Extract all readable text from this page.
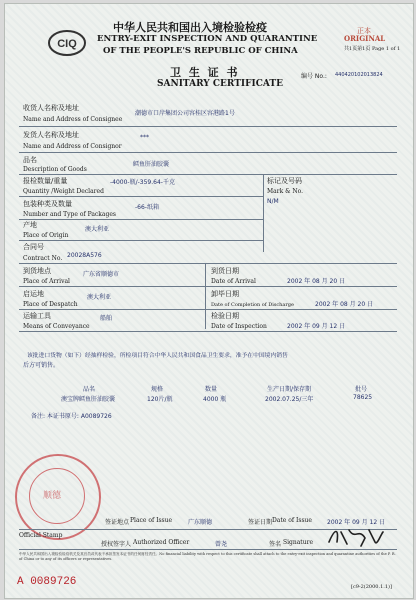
CIQ
中华人民共和国出入境检验检疫
ENTRY-EXIT INSPECTION AND QUARANTINE
OF THE PEOPLE'S REPUBLIC OF CHINA
正本
ORIGINAL
共1页第1页 Page 1 of 1
卫 生 证 书
SANITARY CERTIFICATE
编号 No.: 440420102013824
收货人名称及地址
Name and Address of Consignee
潮德市口岸集团公司容桂区容港路1号
发货人名称及地址
Name and Address of Consignor
***
品名
Description of Goods
鳕鱼肝油胶囊
报检数量/重量
Quantity /Weight Declared
-4000-瓶/-359.64-千克	标记及号码
Mark & No.
N/M
包装种类及数量
Number and Type of Packages
-66-纸箱
产地
Place of Origin
澳大利亚
合同号
Contract No. 20028A576
到货地点
Place of Arrival
广东省顺德市	到货日期
Date of Arrival	2002 年 08 月 20 日
启运地
Place of Despatch
澳大利亚	卸毕日期
Date of Completion of Discharge	2002 年 08 月 20 日
运输工具
Means of Conveyance
船舶	检验日期
Date of Inspection	2002 年 09 月 12 日
该批进口货物（如下）经抽样检验，所检项目符合中华人民共和国食品卫生要求，准予在中国境内销售
后方可销售。
品名	规格	数量	生产日期/保存期	批号
澳宝牌鳕鱼肝油胶囊	120片/瓶	4000 瓶	2002.07.25/三年	78625
备注: 本证书原号: A0089726
顺德
签证地点 Place of Issue	广东顺德	签证日期 Date of Issue	2002 年 09 月 12 日
Official Stamp
授权签字人 Authorized Officer	曾尧	签名 Signature
中华人民共和国出入境检验检疫机关及其官员或代表不承担签发本证书的任何财经责任。No financial liability with respect to this certificate shall attach to the entry-exit inspection and quarantine authorities of the P. R. of China or to any of its officers or representatives.
A 0089726	[c9-2(2000.1.1)]
